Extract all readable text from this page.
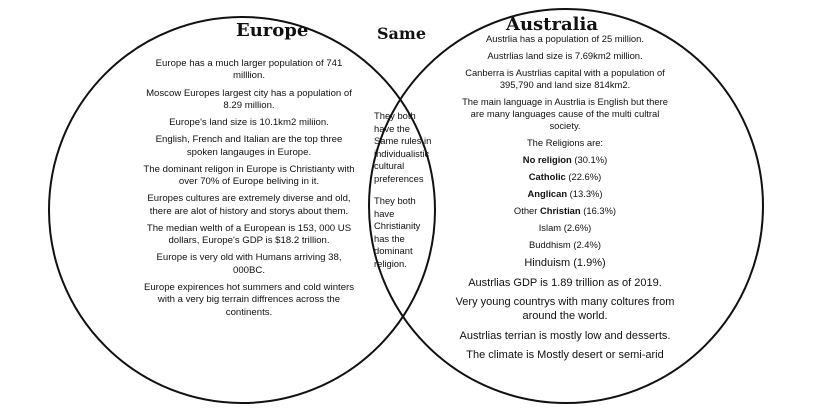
Europe	Same	Australia

Europe has a much larger population of 741 milllion.

Moscow Europes largest city has a population of 8.29 million.

Europe's land size is 10.1km2 miliion.

English, French and Italian are the top three spoken langauges in Europe.

The dominant religon in Europe is Christianty with over 70% of Europe beliving in it.

Europes cultures are extremely diverse and old, there are alot of history and storys about them.

The median welth of a European is 153, 000 US dollars, Europe's GDP is $18.2 trillion.

Europe is very old with Humans arriving 38, 000BC.

Europe expirences hot summers and cold winters with a very big terrain diffrences across the continents.

They both have the Same rules in individualistic cultural preferences

They both have Christianity has the dominant religion.

Austrlia has a population of 25 million.

Austrlias land size is 7.69km2 million.

Canberra is Austrlias capital with a population of 395,790 and land size 814km2.

The main language in Austrlia is English but there are many languages cause of the multi cultral society.

The Religions are:

No religion (30.1%)

Catholic (22.6%)

Anglican (13.3%)

Other Christian (16.3%)

Islam (2.6%)

Buddhism (2.4%)

Hinduism (1.9%)

Austrlias GDP is 1.89 trillion as of 2019.

Very young countrys with many coltures from around the world.

Austrlias terrian is mostly low and desserts.

The climate is Mostly desert or semi-arid
